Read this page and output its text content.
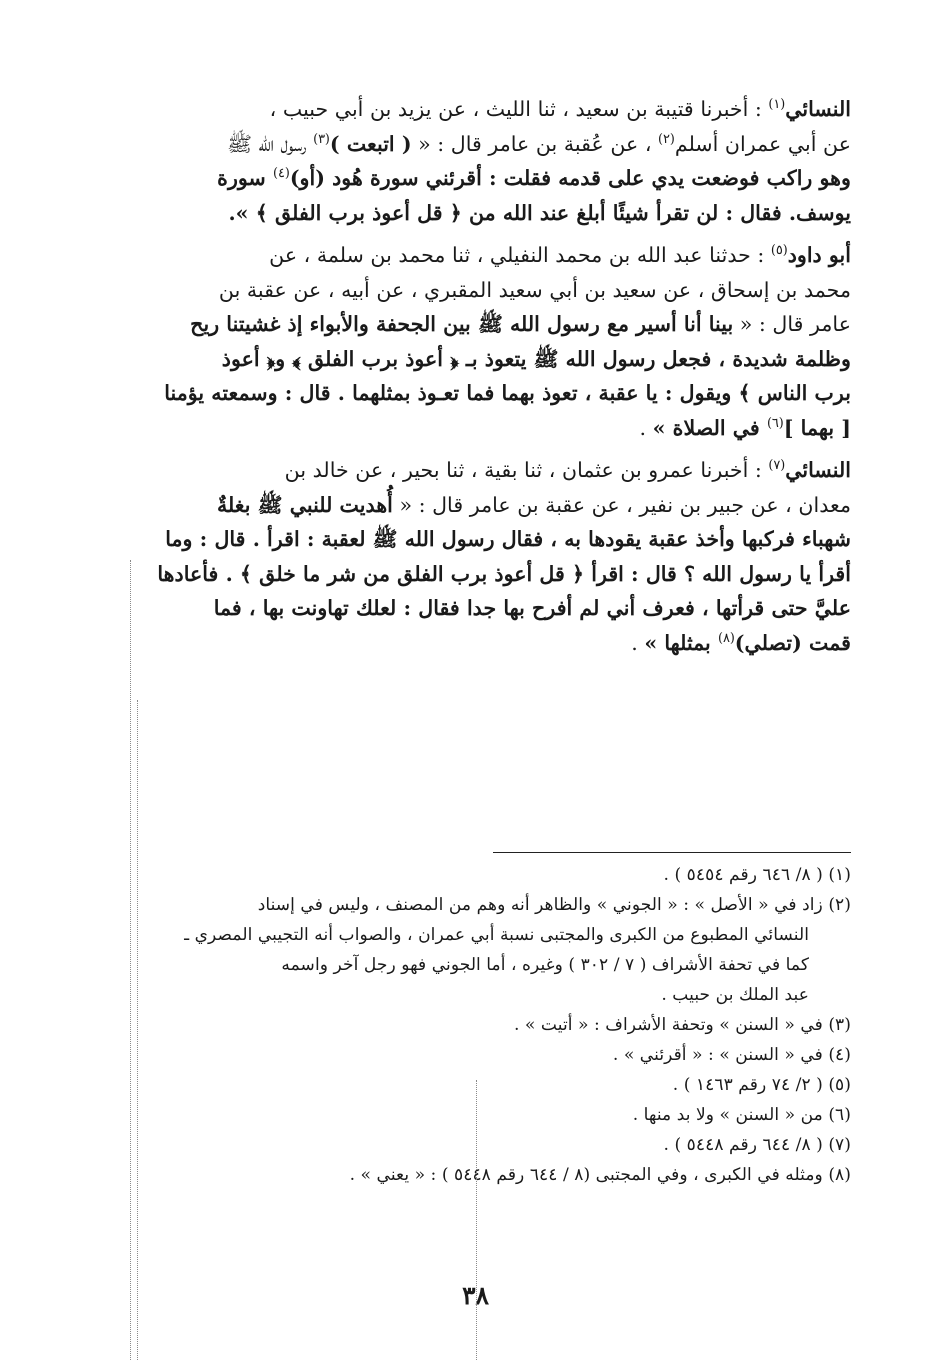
النسائي$^{(١)}$ : أخبرنا قتيبة بن سعيد ، ثنا الليث ، عن يزيد بن أبي حبيب ،
عن أبي عمران أسلم$^{(٢)}$ ، عن عُقبة بن عامر قال : « ( اتبعت )$^{(٣)}$ رسول الله ﷺ
وهو راكب فوضعت يدي على قدمه فقلت : أقرئني سورة هُود (أو)$^{(٤)}$ سورة
يوسف. فقال : لن تقرأ شيئًا أبلغ عند الله من ﴿ قل أعوذ برب الفلق ﴾ ».

أبو داود$^{(٥)}$ : حدثنا عبد الله بن محمد النفيلي ، ثنا محمد بن سلمة ، عن
محمد بن إسحاق ، عن سعيد بن أبي سعيد المقبري ، عن أبيه ، عن عقبة بن
عامر قال : « بينا أنا أسير مع رسول الله ﷺ بين الجحفة والأبواء إذ غشيتنا ريح
وظلمة شديدة ، فجعل رسول الله ﷺ يتعوذ بـ ﴿ أعوذ برب الفلق ﴾ و﴿ أعوذ
برب الناس ﴾ ويقول : يا عقبة ، تعوذ بهما فما تعـوذ بمثلهما . قال : وسمعته يؤمنا
[ بهما ]$^{(٦)}$ في الصلاة » .

النسائي$^{(٧)}$ : أخبرنا عمرو بن عثمان ، ثنا بقية ، ثنا بحير ، عن خالد بن
معدان ، عن جبير بن نفير ، عن عقبة بن عامر قال : « أُهديت للنبي ﷺ بغلةٌ
شهباء فركبها وأخذ عقبة يقودها به ، فقال رسول الله ﷺ لعقبة : اقرأ . قال : وما
أقرأ يا رسول الله ؟ قال : اقرأ ﴿ قل أعوذ برب الفلق من شر ما خلق ﴾ . فأعادها
عليَّ حتى قرأتها ، فعرف أني لم أفرح بها جدا فقال : لعلك تهاونت بها ، فما
قمت (تصلي)$^{(٨)}$ بمثلها » .

(١) ( ٨/ ٦٤٦ رقم ٥٤٥٤ ) .
(٢) زاد في « الأصل » : « الجوني » والظاهر أنه وهم من المصنف ، وليس في إسناد
النسائي المطبوع من الكبرى والمجتبى نسبة أبي عمران ، والصواب أنه التجيبي المصري ـ
كما في تحفة الأشراف ( ٧ / ٣٠٢ ) وغيره ، أما الجوني فهو رجل آخر واسمه
عبد الملك بن حبيب .
(٣) في « السنن » وتحفة الأشراف : « أتيت » .
(٤) في « السنن » : « أقرئني » .
(٥) ( ٢/ ٧٤ رقم ١٤٦٣ ) .
(٦) من « السنن » ولا بد منها .
(٧) ( ٨/ ٦٤٤ رقم ٥٤٤٨ ) .
(٨) ومثله في الكبرى ، وفي المجتبى (٨ / ٦٤٤ رقم ٥٤٤٨ ) : « يعني » .
٣٨
